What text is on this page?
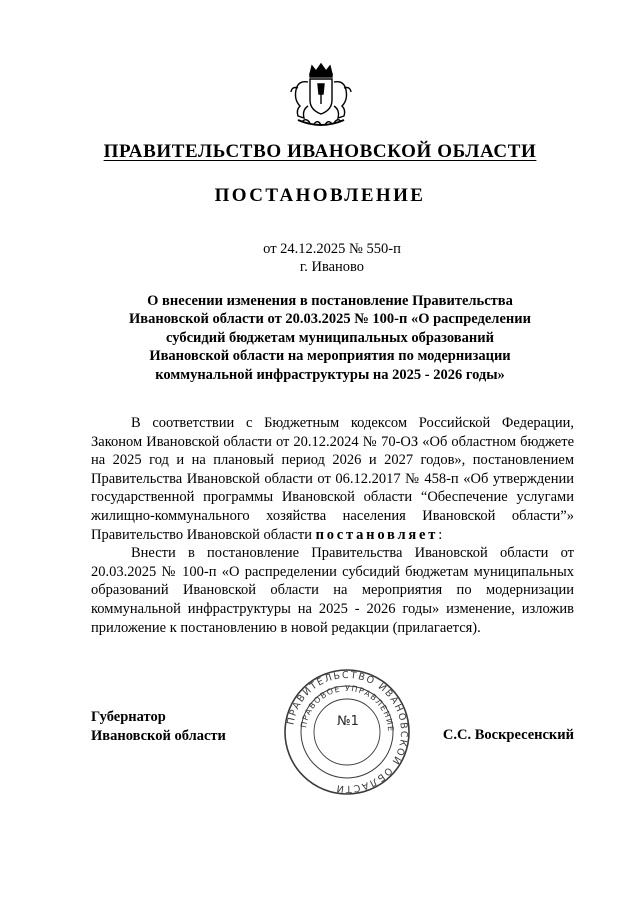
ПРАВИТЕЛЬСТВО ИВАНОВСКОЙ ОБЛАСТИ
ПОСТАНОВЛЕНИЕ
от 24.12.2025 № 550-п
г. Иваново
О внесении изменения в постановление Правительства
Ивановской области от 20.03.2025 № 100-п «О распределении
субсидий бюджетам муниципальных образований
Ивановской области на мероприятия по модернизации
коммунальной инфраструктуры на 2025 - 2026 годы»

В соответствии с Бюджетным кодексом Российской Федерации, Законом Ивановской области от 20.12.2024 № 70-ОЗ «Об областном бюджете на 2025 год и на плановый период 2026 и 2027 годов», постановлением Правительства Ивановской области от 06.12.2017 № 458-п «Об утверждении государственной программы Ивановской области “Обеспечение услугами жилищно-коммунального хозяйства населения Ивановской области”» Правительство Ивановской области постановляет:

Внести в постановление Правительства Ивановской области от 20.03.2025 № 100-п «О распределении субсидий бюджетам муниципальных образований Ивановской области на мероприятия по модернизации коммунальной инфраструктуры на 2025 - 2026 годы» изменение, изложив приложение к постановлению в новой редакции (прилагается).

Губернатор
Ивановской области
ПРАВИТЕЛЬСТВО ИВАНОВСКОЙ ОБЛАСТИ
ПРАВОВОЕ УПРАВЛЕНИЕ
№1
С.С. Воскресенский
